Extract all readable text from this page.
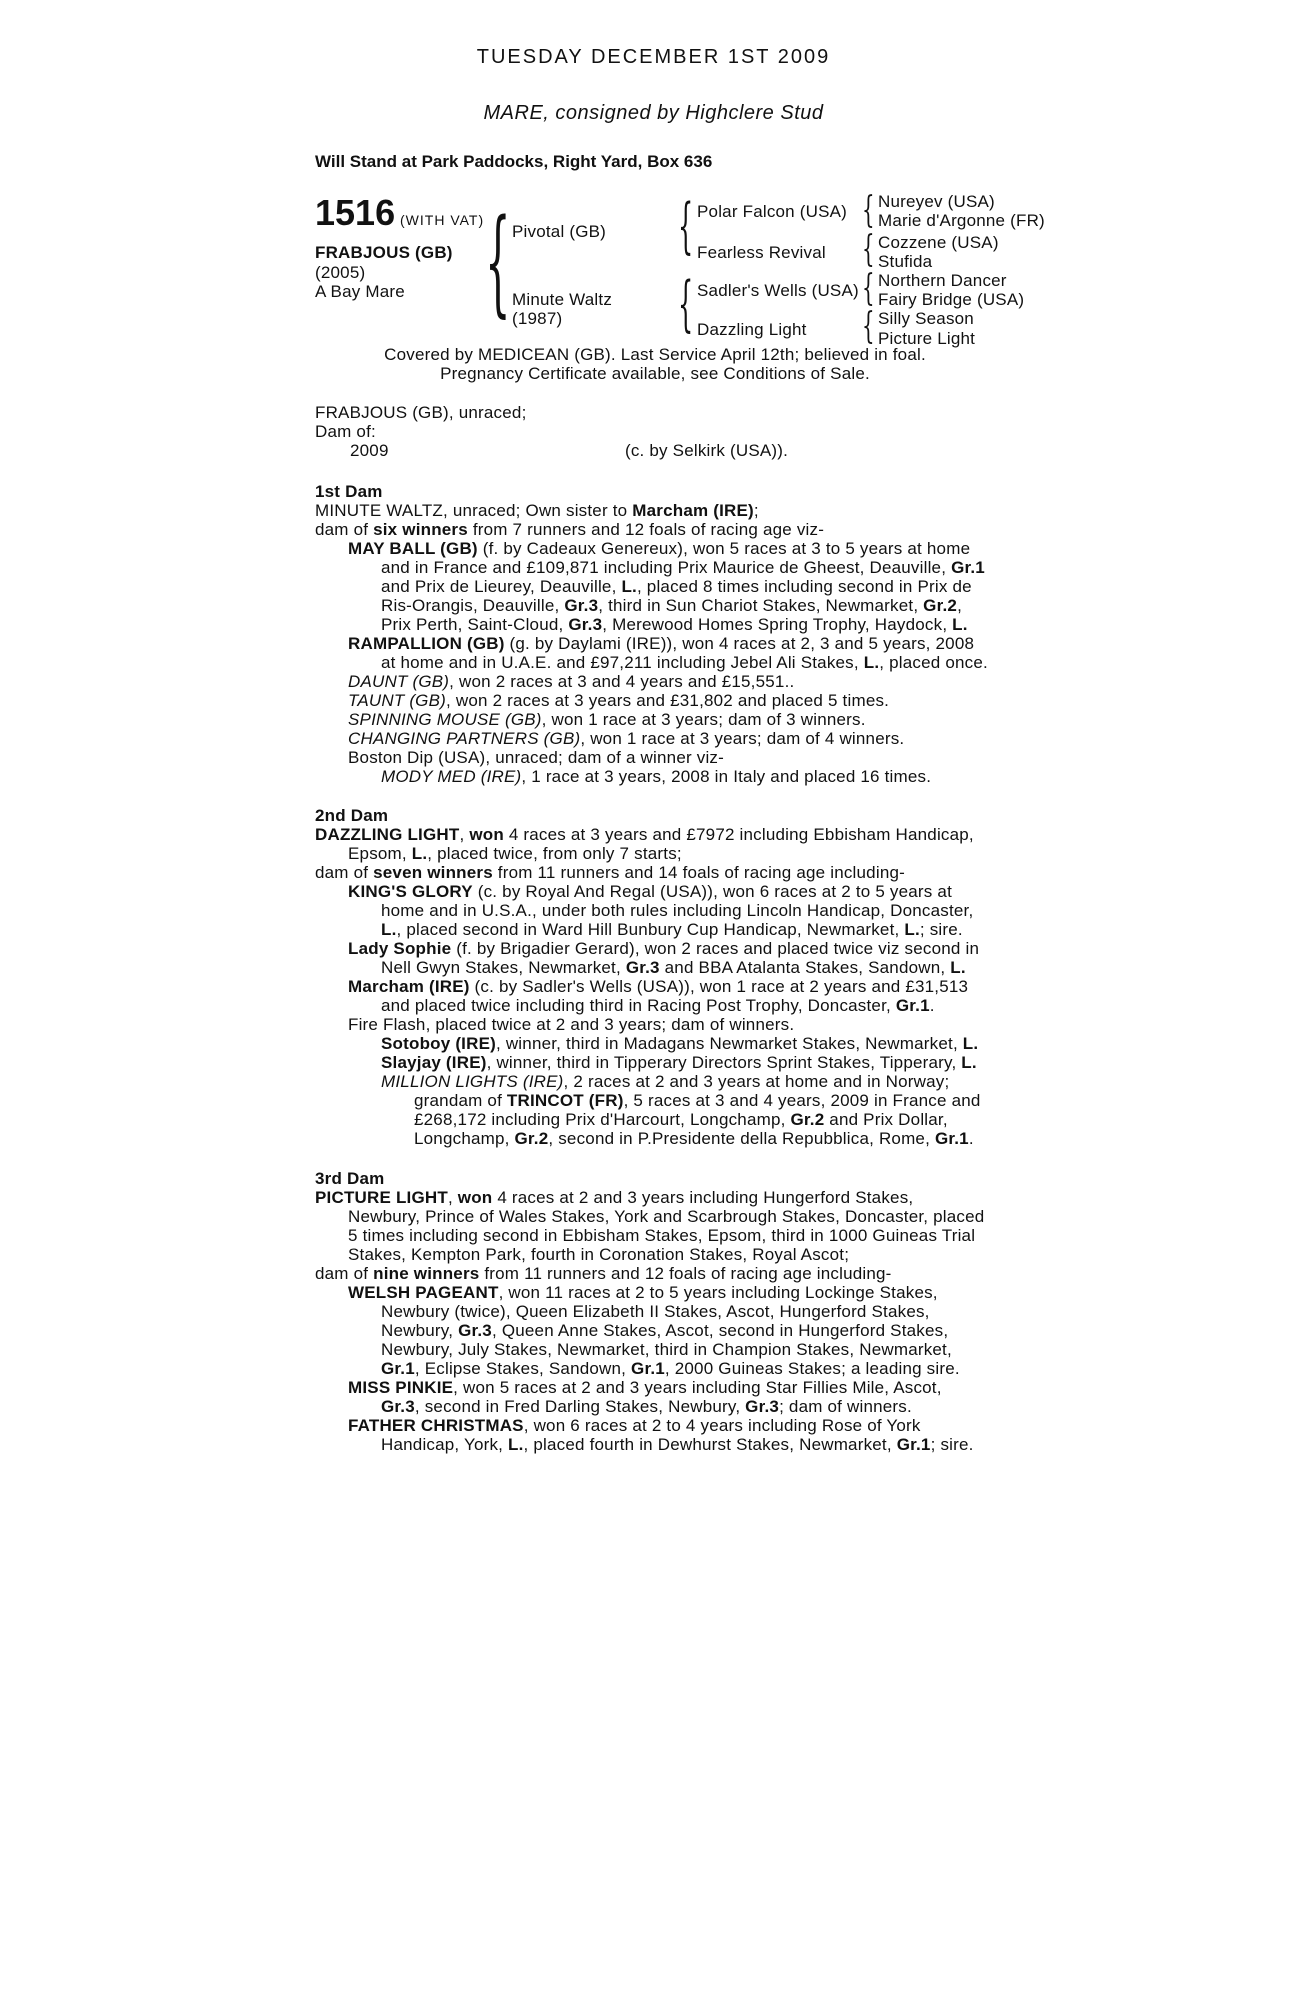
TUESDAY DECEMBER 1ST 2009
MARE, consigned by Highclere Stud
Will Stand at Park Paddocks, Right Yard, Box 636
1516 (WITH VAT)
FRABJOUS (GB)
(2005)
A Bay Mare { Pivotal (GB)
Minute Waltz
(1987)
{
{
Polar Falcon (USA)
Fearless Revival
Sadler's Wells (USA)
Dazzling Light
{
{
{
{
Nureyev (USA)
Marie d'Argonne (FR)
Cozzene (USA)
Stufida
Northern Dancer
Fairy Bridge (USA)
Silly Season
Picture Light
Covered by MEDICEAN (GB). Last Service April 12th; believed in foal.
Pregnancy Certificate available, see Conditions of Sale.
FRABJOUS (GB), unraced;
Dam of:
2009	(c. by Selkirk (USA)).
1st Dam
MINUTE WALTZ, unraced; Own sister to Marcham (IRE);
dam of six winners from 7 runners and 12 foals of racing age viz-
MAY BALL (GB) (f. by Cadeaux Genereux), won 5 races at 3 to 5 years at home
and in France and £109,871 including Prix Maurice de Gheest, Deauville, Gr.1
and Prix de Lieurey, Deauville, L., placed 8 times including second in Prix de
Ris-Orangis, Deauville, Gr.3, third in Sun Chariot Stakes, Newmarket, Gr.2,
Prix Perth, Saint-Cloud, Gr.3, Merewood Homes Spring Trophy, Haydock, L.
RAMPALLION (GB) (g. by Daylami (IRE)), won 4 races at 2, 3 and 5 years, 2008
at home and in U.A.E. and £97,211 including Jebel Ali Stakes, L., placed once.
DAUNT (GB), won 2 races at 3 and 4 years and £15,551..
TAUNT (GB), won 2 races at 3 years and £31,802 and placed 5 times.
SPINNING MOUSE (GB), won 1 race at 3 years; dam of 3 winners.
CHANGING PARTNERS (GB), won 1 race at 3 years; dam of 4 winners.
Boston Dip (USA), unraced; dam of a winner viz-
MODY MED (IRE), 1 race at 3 years, 2008 in Italy and placed 16 times.
2nd Dam
DAZZLING LIGHT, won 4 races at 3 years and £7972 including Ebbisham Handicap,
Epsom, L., placed twice, from only 7 starts;
dam of seven winners from 11 runners and 14 foals of racing age including-
KING'S GLORY (c. by Royal And Regal (USA)), won 6 races at 2 to 5 years at
home and in U.S.A., under both rules including Lincoln Handicap, Doncaster,
L., placed second in Ward Hill Bunbury Cup Handicap, Newmarket, L.; sire.
Lady Sophie (f. by Brigadier Gerard), won 2 races and placed twice viz second in
Nell Gwyn Stakes, Newmarket, Gr.3 and BBA Atalanta Stakes, Sandown, L.
Marcham (IRE) (c. by Sadler's Wells (USA)), won 1 race at 2 years and £31,513
and placed twice including third in Racing Post Trophy, Doncaster, Gr.1.
Fire Flash, placed twice at 2 and 3 years; dam of winners.
Sotoboy (IRE), winner, third in Madagans Newmarket Stakes, Newmarket, L.
Slayjay (IRE), winner, third in Tipperary Directors Sprint Stakes, Tipperary, L.
MILLION LIGHTS (IRE), 2 races at 2 and 3 years at home and in Norway;
grandam of TRINCOT (FR), 5 races at 3 and 4 years, 2009 in France and
£268,172 including Prix d'Harcourt, Longchamp, Gr.2 and Prix Dollar,
Longchamp, Gr.2, second in P.Presidente della Repubblica, Rome, Gr.1.
3rd Dam
PICTURE LIGHT, won 4 races at 2 and 3 years including Hungerford Stakes,
Newbury, Prince of Wales Stakes, York and Scarbrough Stakes, Doncaster, placed
5 times including second in Ebbisham Stakes, Epsom, third in 1000 Guineas Trial
Stakes, Kempton Park, fourth in Coronation Stakes, Royal Ascot;
dam of nine winners from 11 runners and 12 foals of racing age including-
WELSH PAGEANT, won 11 races at 2 to 5 years including Lockinge Stakes,
Newbury (twice), Queen Elizabeth II Stakes, Ascot, Hungerford Stakes,
Newbury, Gr.3, Queen Anne Stakes, Ascot, second in Hungerford Stakes,
Newbury, July Stakes, Newmarket, third in Champion Stakes, Newmarket,
Gr.1, Eclipse Stakes, Sandown, Gr.1, 2000 Guineas Stakes; a leading sire.
MISS PINKIE, won 5 races at 2 and 3 years including Star Fillies Mile, Ascot,
Gr.3, second in Fred Darling Stakes, Newbury, Gr.3; dam of winners.
FATHER CHRISTMAS, won 6 races at 2 to 4 years including Rose of York
Handicap, York, L., placed fourth in Dewhurst Stakes, Newmarket, Gr.1; sire.
